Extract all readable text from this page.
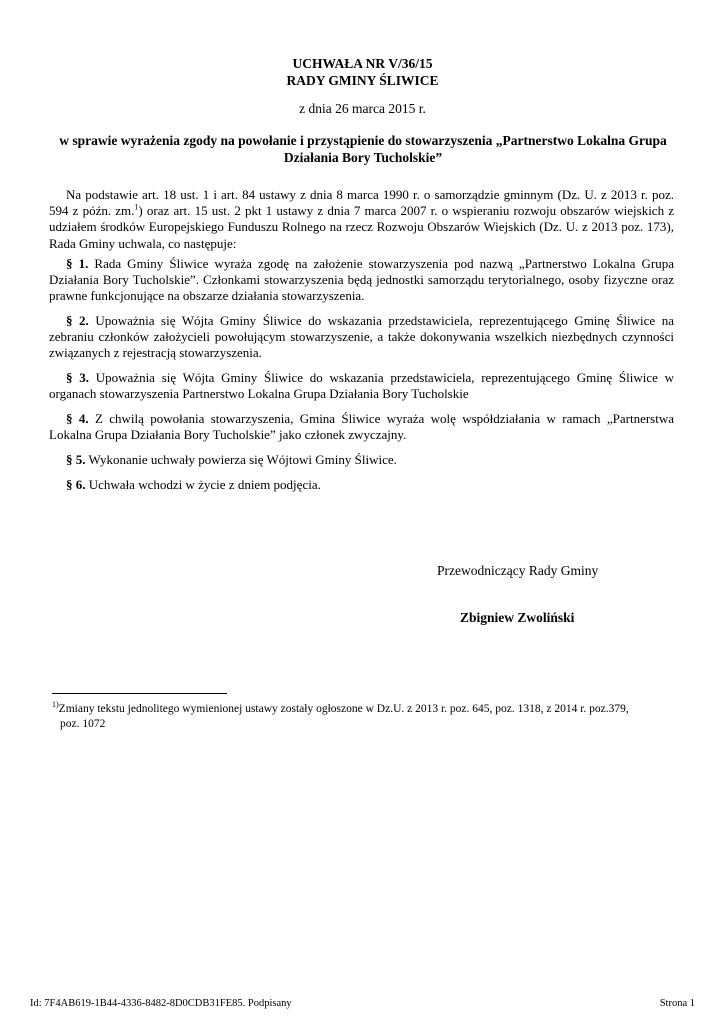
UCHWAŁA NR V/36/15
RADY GMINY ŚLIWICE
z dnia 26 marca 2015 r.
w sprawie wyrażenia zgody na powołanie i przystąpienie do stowarzyszenia „Partnerstwo Lokalna Grupa
Działania Bory Tucholskie”

Na podstawie art. 18 ust. 1 i art. 84 ustawy z dnia 8 marca 1990 r. o samorządzie gminnym (Dz. U. z 2013 r. poz. 594 z późn. zm.$^1$) oraz art. 15 ust. 2 pkt 1 ustawy z dnia 7 marca 2007 r. o wspieraniu rozwoju obszarów wiejskich z udziałem środków Europejskiego Funduszu Rolnego na rzecz Rozwoju Obszarów Wiejskich (Dz. U. z 2013 poz. 173), Rada Gminy uchwala, co następuje:

§ 1. Rada Gminy Śliwice wyraża zgodę na założenie stowarzyszenia pod nazwą „Partnerstwo Lokalna Grupa Działania Bory Tucholskie”. Członkami stowarzyszenia będą jednostki samorządu terytorialnego, osoby fizyczne oraz prawne funkcjonujące na obszarze działania stowarzyszenia.

§ 2. Upoważnia się Wójta Gminy Śliwice do wskazania przedstawiciela, reprezentującego Gminę Śliwice na zebraniu członków założycieli powołującym stowarzyszenie, a także dokonywania wszelkich niezbędnych czynności związanych z rejestracją stowarzyszenia.

§ 3. Upoważnia się Wójta Gminy Śliwice do wskazania przedstawiciela, reprezentującego Gminę Śliwice w organach stowarzyszenia Partnerstwo Lokalna Grupa Działania Bory Tucholskie

§ 4. Z chwilą powołania stowarzyszenia, Gmina Śliwice wyraża wolę współdziałania w ramach „Partnerstwa Lokalna Grupa Działania Bory Tucholskie” jako członek zwyczajny.

§ 5. Wykonanie uchwały powierza się Wójtowi Gminy Śliwice.

§ 6. Uchwała wchodzi w życie z dniem podjęcia.

Przewodniczący Rady Gminy
Zbigniew Zwoliński
$^{1)}$Zmiany tekstu jednolitego wymienionej ustawy zostały ogłoszone w Dz.U. z 2013 r. poz. 645, poz. 1318, z 2014 r. poz.379,
poz. 1072
Id: 7F4AB619-1B44-4336-8482-8D0CDB31FE85. Podpisany	Strona 1
